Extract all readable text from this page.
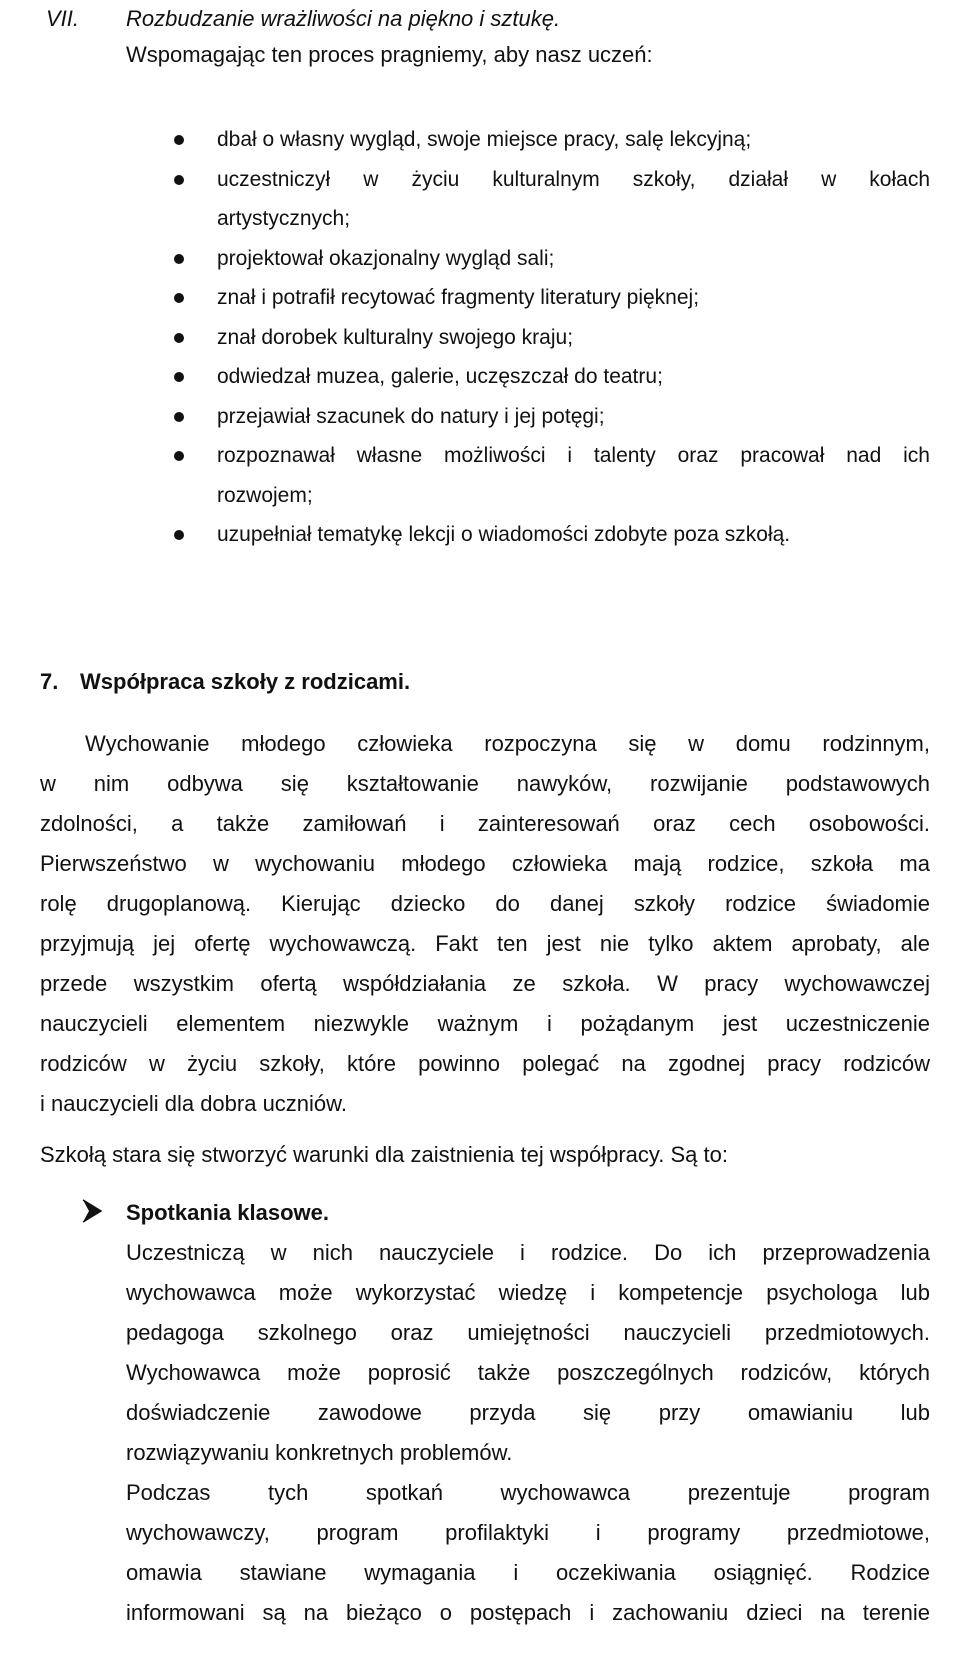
VII. Rozbudzanie wrażliwości na piękno i sztukę.
Wspomagając ten proces pragniemy, aby nasz uczeń:
dbał o własny wygląd, swoje miejsce pracy, salę lekcyjną;
uczestniczył w życiu kulturalnym szkoły, działał w kołach
artystycznych;
projektował okazjonalny wygląd sali;
znał i potrafił recytować fragmenty literatury pięknej;
znał dorobek kulturalny swojego kraju;
odwiedzał muzea, galerie, uczęszczał do teatru;
przejawiał szacunek do natury i jej potęgi;
rozpoznawał własne możliwości i talenty oraz pracował nad ich
rozwojem;
uzupełniał tematykę lekcji o wiadomości zdobyte poza szkołą.
7. Współpraca szkoły z rodzicami.
Wychowanie młodego człowieka rozpoczyna się w domu rodzinnym,
w nim odbywa się kształtowanie nawyków, rozwijanie podstawowych
zdolności, a także zamiłowań i zainteresowań oraz cech osobowości.
Pierwszeństwo w wychowaniu młodego człowieka mają rodzice, szkoła ma
rolę drugoplanową. Kierując dziecko do danej szkoły rodzice świadomie
przyjmują jej ofertę wychowawczą. Fakt ten jest nie tylko aktem aprobaty, ale
przede wszystkim ofertą współdziałania ze szkoła. W pracy wychowawczej
nauczycieli elementem niezwykle ważnym i pożądanym jest uczestniczenie
rodziców w życiu szkoły, które powinno polegać na zgodnej pracy rodziców
i nauczycieli dla dobra uczniów.
Szkołą stara się stworzyć warunki dla zaistnienia tej współpracy. Są to:
Spotkania klasowe.
Uczestniczą w nich nauczyciele i rodzice. Do ich przeprowadzenia
wychowawca może wykorzystać wiedzę i kompetencje psychologa lub
pedagoga szkolnego oraz umiejętności nauczycieli przedmiotowych.
Wychowawca może poprosić także poszczególnych rodziców, których
doświadczenie zawodowe przyda się przy omawianiu lub
rozwiązywaniu konkretnych problemów.
Podczas tych spotkań wychowawca prezentuje program
wychowawczy, program profilaktyki i programy przedmiotowe,
omawia stawiane wymagania i oczekiwania osiągnięć. Rodzice
informowani są na bieżąco o postępach i zachowaniu dzieci na terenie
